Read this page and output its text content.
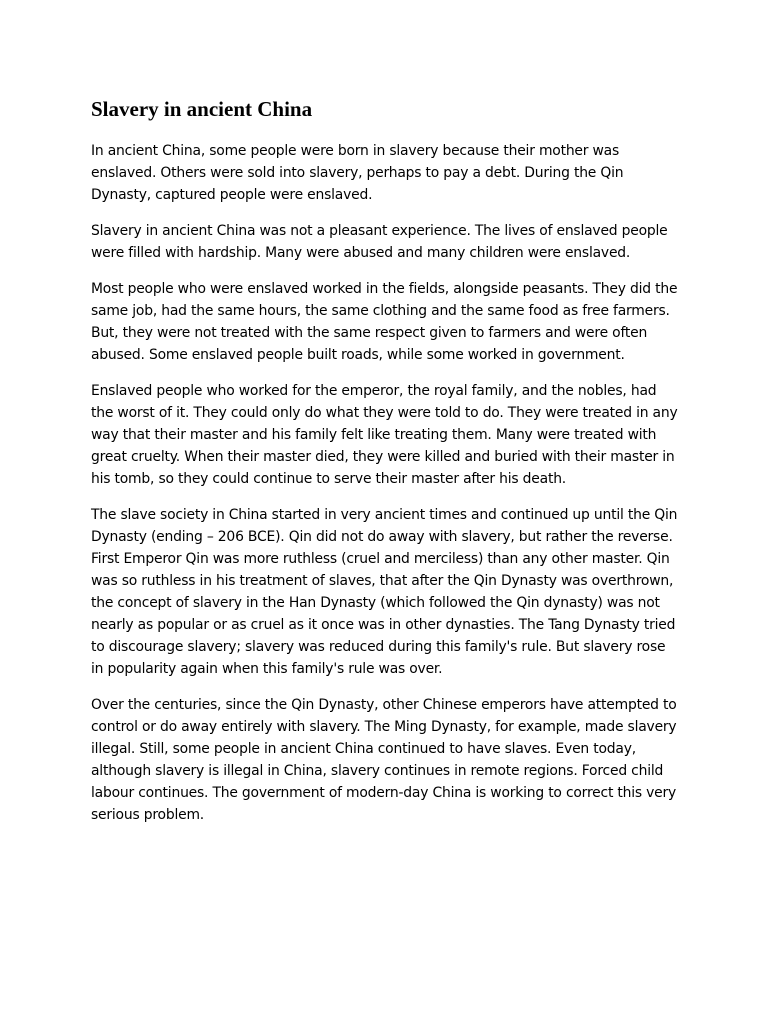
Slavery in ancient China

In ancient China, some people were born in slavery because their mother was enslaved. Others were sold into slavery, perhaps to pay a debt. During the Qin Dynasty, captured people were enslaved.

Slavery in ancient China was not a pleasant experience. The lives of enslaved people were filled with hardship. Many were abused and many children were enslaved.

Most people who were enslaved worked in the fields, alongside peasants. They did the same job, had the same hours, the same clothing and the same food as free farmers. But, they were not treated with the same respect given to farmers and were often abused. Some enslaved people built roads, while some worked in government.

Enslaved people who worked for the emperor, the royal family, and the nobles, had the worst of it. They could only do what they were told to do. They were treated in any way that their master and his family felt like treating them. Many were treated with great cruelty. When their master died, they were killed and buried with their master in his tomb, so they could continue to serve their master after his death.

The slave society in China started in very ancient times and continued up until the Qin Dynasty (ending – 206 BCE). Qin did not do away with slavery, but rather the reverse. First Emperor Qin was more ruthless (cruel and merciless) than any other master. Qin was so ruthless in his treatment of slaves, that after the Qin Dynasty was overthrown, the concept of slavery in the Han Dynasty (which followed the Qin dynasty) was not nearly as popular or as cruel as it once was in other dynasties. The Tang Dynasty tried to discourage slavery; slavery was reduced during this family's rule. But slavery rose in popularity again when this family's rule was over.

Over the centuries, since the Qin Dynasty, other Chinese emperors have attempted to control or do away entirely with slavery. The Ming Dynasty, for example, made slavery illegal. Still, some people in ancient China continued to have slaves. Even today, although slavery is illegal in China, slavery continues in remote regions. Forced child labour continues. The government of modern-day China is working to correct this very serious problem.
